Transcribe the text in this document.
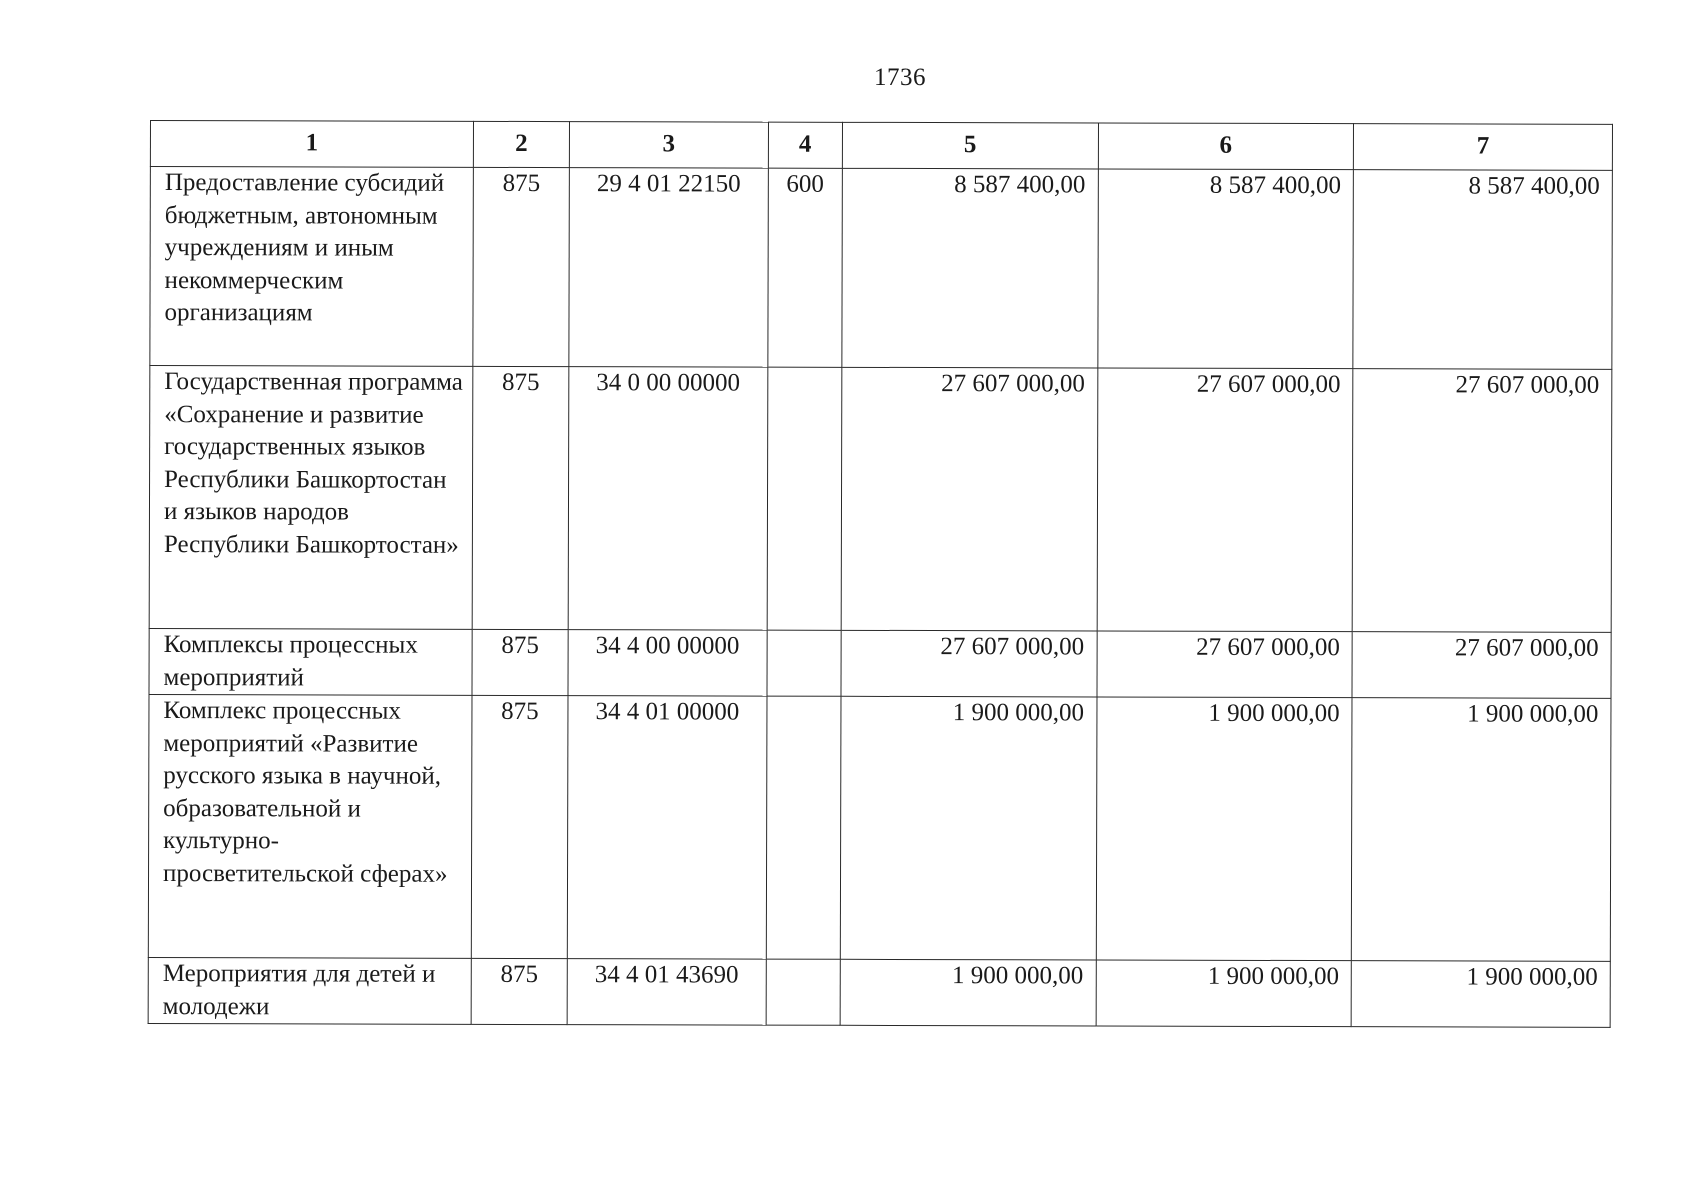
1736
1	2	3	4	5	6	7
Предоставление субсидий бюджетным, автономным учреждениям и иным некоммерческим организациям	875	29 4 01 22150	600	8 587 400,00	8 587 400,00	8 587 400,00
Государственная программа «Сохранение и развитие государственных языков Республики Башкортостан и языков народов Республики Башкортостан»	875	34 0 00 00000		27 607 000,00	27 607 000,00	27 607 000,00
Комплексы процессных мероприятий	875	34 4 00 00000		27 607 000,00	27 607 000,00	27 607 000,00
Комплекс процессных мероприятий «Развитие русского языка в научной, образовательной и культурно-просветительской сферах»	875	34 4 01 00000		1 900 000,00	1 900 000,00	1 900 000,00
Мероприятия для детей и молодежи	875	34 4 01 43690		1 900 000,00	1 900 000,00	1 900 000,00
